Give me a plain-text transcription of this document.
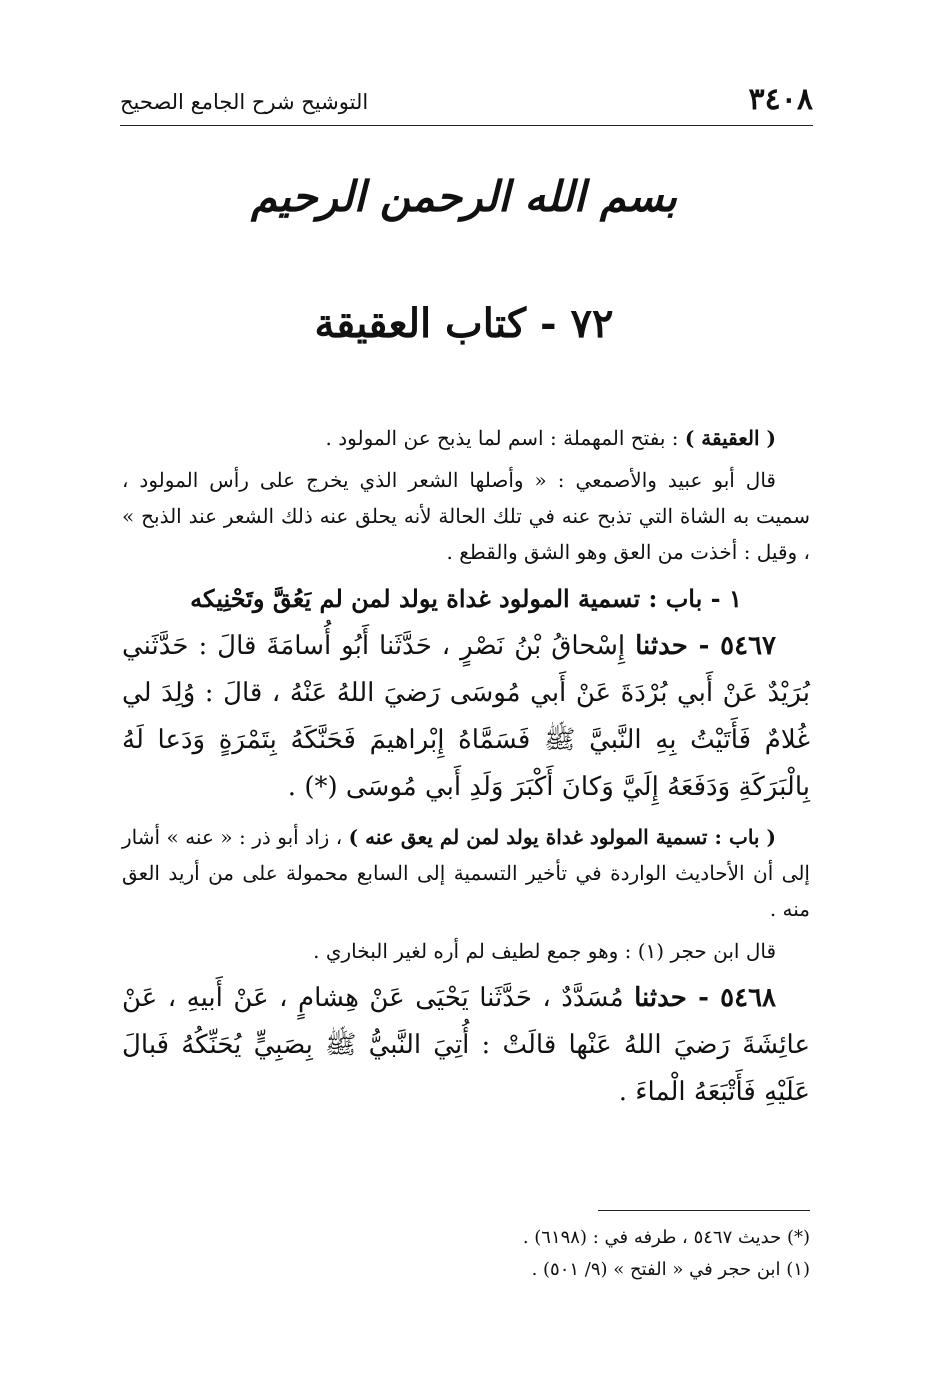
٣٤٠٨
التوشيح شرح الجامع الصحيح
بسم الله الرحمن الرحيم
٧٢ - كتاب العقيقة

( العقيقة ) : بفتح المهملة : اسم لما يذبح عن المولود .

قال أبو عبيد والأصمعي : « وأصلها الشعر الذي يخرج على رأس المولود ، سميت به الشاة التي تذبح عنه في تلك الحالة لأنه يحلق عنه ذلك الشعر عند الذبح » ، وقيل : أخذت من العق وهو الشق والقطع .

١ - باب : تسمية المولود غداة يولد لمن لم يَعُقَّ وتَحْنِيكه

٥٤٦٧ - حدثنا إِسْحاقُ بْنُ نَصْرٍ ، حَدَّثَنا أَبُو أُسامَةَ قالَ : حَدَّثَني بُرَيْدٌ عَنْ أَبي بُرْدَةَ عَنْ أَبي مُوسَى رَضيَ اللهُ عَنْهُ ، قالَ : وُلِدَ لي غُلامٌ فَأَتَيْتُ بِهِ النَّبيَّ ﷺ فَسَمَّاهُ إِبْراهيمَ فَحَنَّكَهُ بِتَمْرَةٍ وَدَعا لَهُ بِالْبَرَكَةِ وَدَفَعَهُ إِلَيَّ وَكانَ أَكْبَرَ وَلَدِ أَبي مُوسَى (*) .

( باب : تسمية المولود غداة يولد لمن لم يعق عنه ) ، زاد أبو ذر : « عنه » أشار إلى أن الأحاديث الواردة في تأخير التسمية إلى السابع محمولة على من أريد العق منه .

قال ابن حجر (١) : وهو جمع لطيف لم أره لغير البخاري .

٥٤٦٨ - حدثنا مُسَدَّدٌ ، حَدَّثَنا يَحْيَى عَنْ هِشامٍ ، عَنْ أَبيهِ ، عَنْ عائِشَةَ رَضيَ اللهُ عَنْها قالَتْ : أُتِيَ النَّبيُّ ﷺ بِصَبِيٍّ يُحَنِّكُهُ فَبالَ عَلَيْهِ فَأَتْبَعَهُ الْماءَ .

(*) حديث ٥٤٦٧ ، طرفه في : (٦١٩٨) .
(١) ابن حجر في « الفتح » (٩/ ٥٠١) .
